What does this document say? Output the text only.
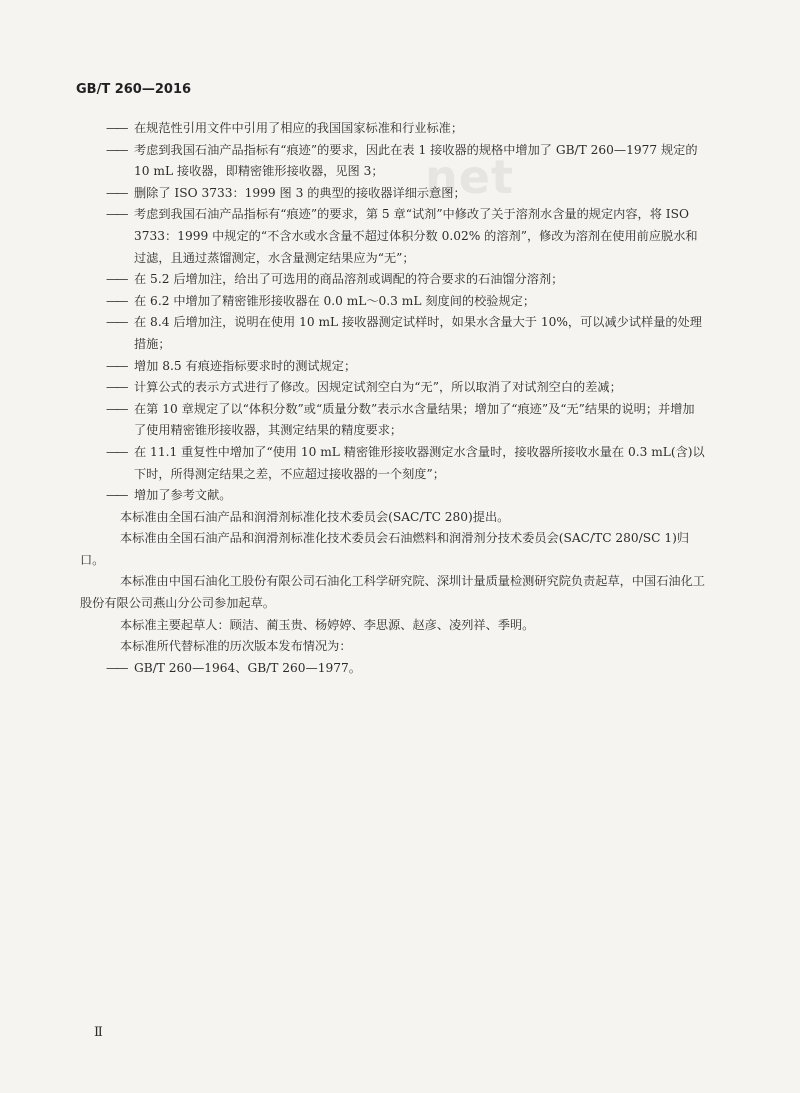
net
GB/T 260—2016

—— 在规范性引用文件中引用了相应的我国国家标准和行业标准；

—— 考虑到我国石油产品指标有“痕迹”的要求，因此在表 1 接收器的规格中增加了 GB/T 260—1977 规定的 10 mL 接收器，即精密锥形接收器，见图 3；

—— 删除了 ISO 3733：1999 图 3 的典型的接收器详细示意图；

—— 考虑到我国石油产品指标有“痕迹”的要求，第 5 章“试剂”中修改了关于溶剂水含量的规定内容，将 ISO 3733：1999 中规定的“不含水或水含量不超过体积分数 0.02% 的溶剂”，修改为溶剂在使用前应脱水和过滤，且通过蒸馏测定，水含量测定结果应为“无”；

—— 在 5.2 后增加注，给出了可选用的商品溶剂或调配的符合要求的石油馏分溶剂；

—— 在 6.2 中增加了精密锥形接收器在 0.0 mL～0.3 mL 刻度间的校验规定；

—— 在 8.4 后增加注，说明在使用 10 mL 接收器测定试样时，如果水含量大于 10%，可以减少试样量的处理措施；

—— 增加 8.5 有痕迹指标要求时的测试规定；

—— 计算公式的表示方式进行了修改。因规定试剂空白为“无”，所以取消了对试剂空白的差减；

—— 在第 10 章规定了以“体积分数”或“质量分数”表示水含量结果；增加了“痕迹”及“无”结果的说明；并增加了使用精密锥形接收器，其测定结果的精度要求；

—— 在 11.1 重复性中增加了“使用 10 mL 精密锥形接收器测定水含量时，接收器所接收水量在 0.3 mL(含)以下时，所得测定结果之差，不应超过接收器的一个刻度”；

—— 增加了参考文献。

本标准由全国石油产品和润滑剂标准化技术委员会(SAC/TC 280)提出。

本标准由全国石油产品和润滑剂标准化技术委员会石油燃料和润滑剂分技术委员会(SAC/TC 280/SC 1)归口。

本标准由中国石油化工股份有限公司石油化工科学研究院、深圳计量质量检测研究院负责起草，中国石油化工股份有限公司燕山分公司参加起草。

本标准主要起草人：顾洁、蔺玉贵、杨婷婷、李思源、赵彦、凌列祥、季明。

本标准所代替标准的历次版本发布情况为：

—— GB/T 260—1964、GB/T 260—1977。

Ⅱ
